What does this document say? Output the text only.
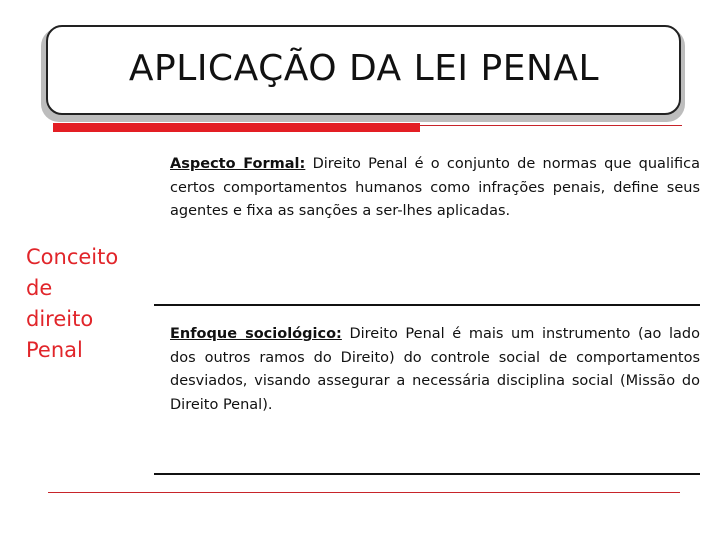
APLICAÇÃO DA LEI PENAL
Conceito
de
direito
Penal

Aspecto Formal: Direito Penal é o conjunto de normas que qualifica certos comportamentos humanos como infrações penais, define seus agentes e fixa as sanções a ser-lhes aplicadas.

Enfoque sociológico: Direito Penal é mais um instrumento (ao lado dos outros ramos do Direito) do controle social de comportamentos desviados, visando assegurar a necessária disciplina social (Missão do Direito Penal).
